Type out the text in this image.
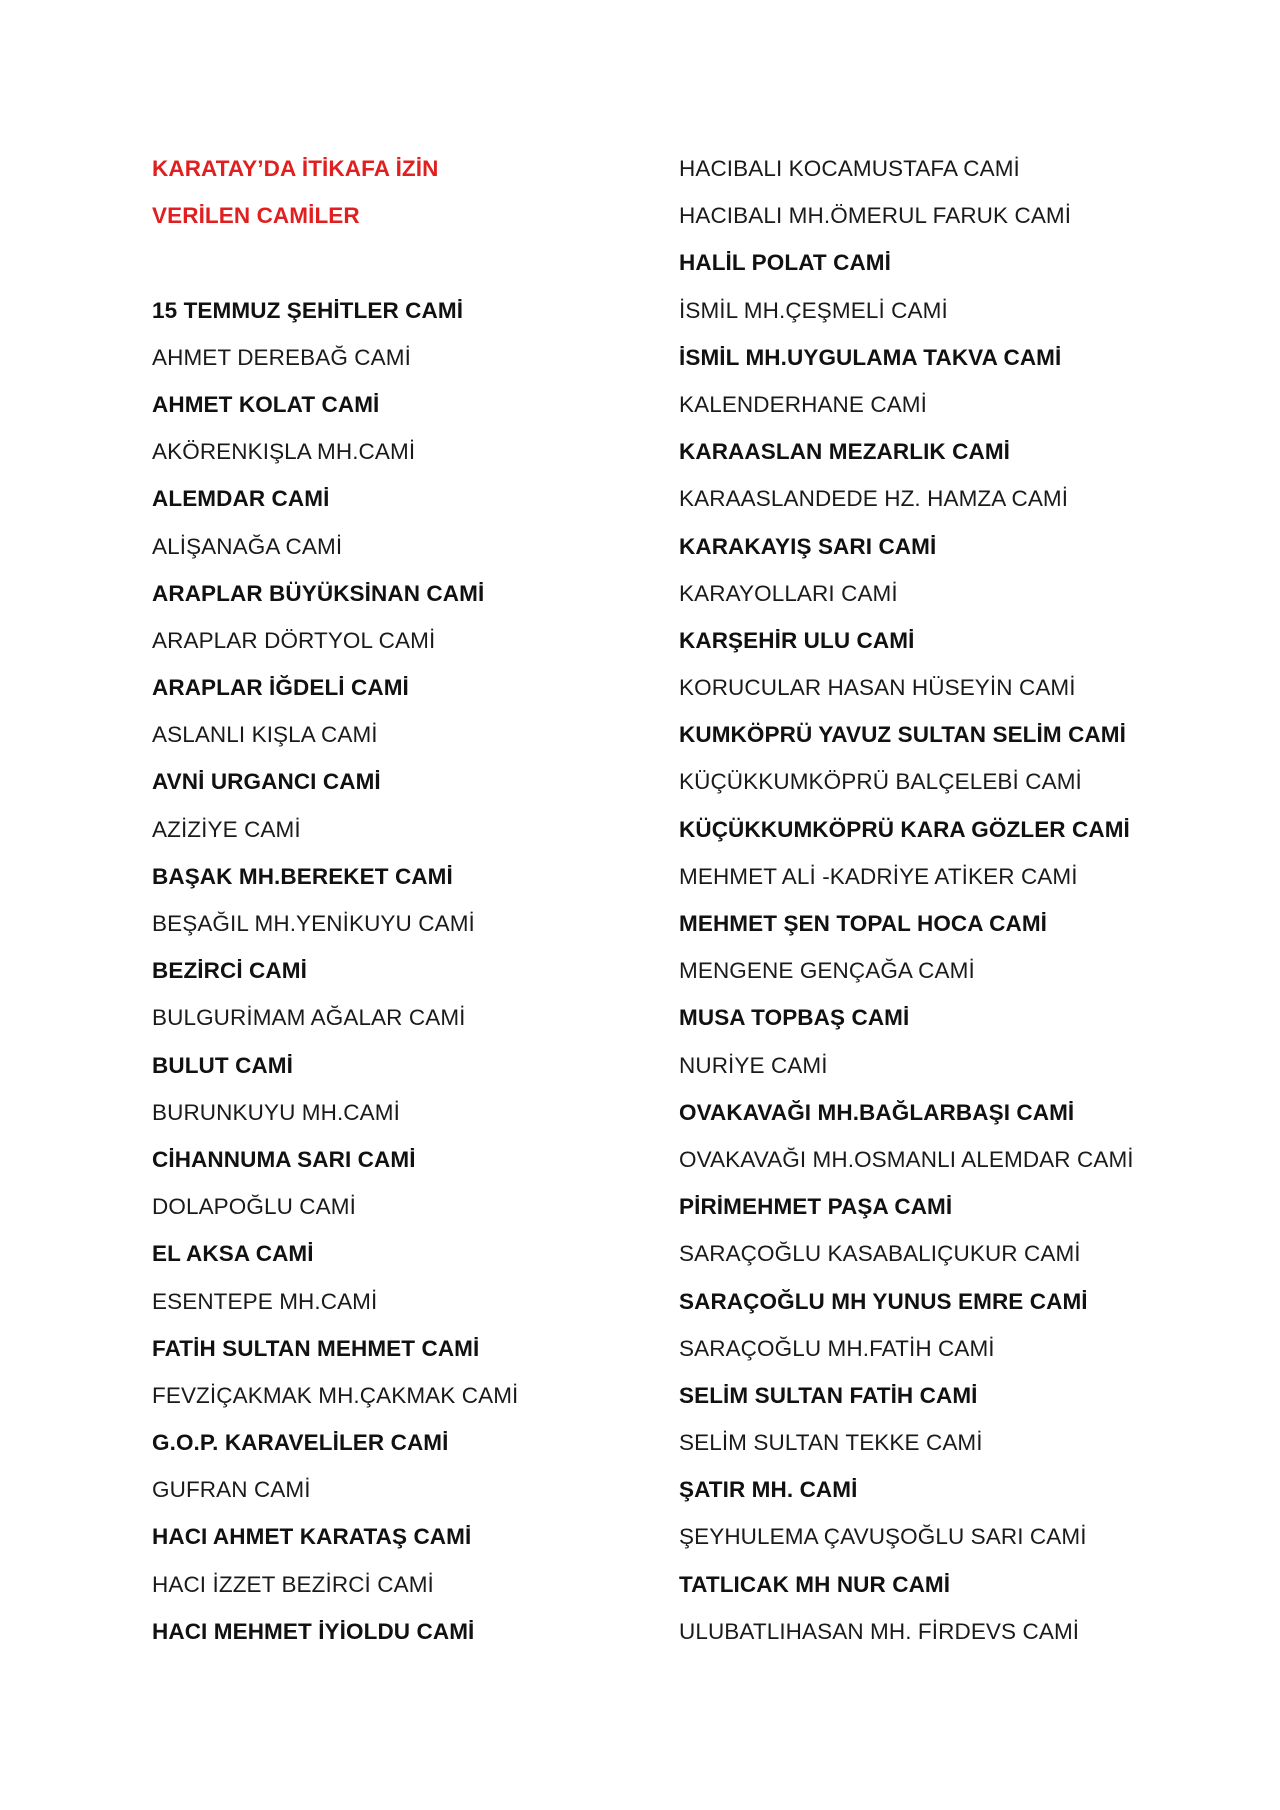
KARATAY’DA İTİKAFA İZİN
VERİLEN CAMİLER
15 TEMMUZ ŞEHİTLER CAMİ
AHMET DEREBAĞ CAMİ
AHMET KOLAT CAMİ
AKÖRENKIŞLA MH.CAMİ
ALEMDAR CAMİ
ALİŞANAĞA CAMİ
ARAPLAR BÜYÜKSİNAN CAMİ
ARAPLAR DÖRTYOL CAMİ
ARAPLAR İĞDELİ CAMİ
ASLANLI KIŞLA CAMİ
AVNİ URGANCI CAMİ
AZİZİYE CAMİ
BAŞAK MH.BEREKET CAMİ
BEŞAĞIL MH.YENİKUYU CAMİ
BEZİRCİ CAMİ
BULGURİMAM AĞALAR CAMİ
BULUT CAMİ
BURUNKUYU MH.CAMİ
CİHANNUMA SARI CAMİ
DOLAPOĞLU CAMİ
EL AKSA CAMİ
ESENTEPE MH.CAMİ
FATİH SULTAN MEHMET CAMİ
FEVZİÇAKMAK MH.ÇAKMAK CAMİ
G.O.P. KARAVELİLER CAMİ
GUFRAN CAMİ
HACI AHMET KARATAŞ CAMİ
HACI İZZET BEZİRCİ CAMİ
HACI MEHMET İYİOLDU CAMİ
HACIBALI KOCAMUSTAFA CAMİ
HACIBALI MH.ÖMERUL FARUK CAMİ
HALİL POLAT CAMİ
İSMİL MH.ÇEŞMELİ CAMİ
İSMİL MH.UYGULAMA TAKVA CAMİ
KALENDERHANE CAMİ
KARAASLAN MEZARLIK CAMİ
KARAASLANDEDE HZ. HAMZA CAMİ
KARAKAYIŞ SARI CAMİ
KARAYOLLARI CAMİ
KARŞEHİR ULU CAMİ
KORUCULAR HASAN HÜSEYİN CAMİ
KUMKÖPRÜ YAVUZ SULTAN SELİM CAMİ
KÜÇÜKKUMKÖPRÜ BALÇELEBİ CAMİ
KÜÇÜKKUMKÖPRÜ KARA GÖZLER CAMİ
MEHMET ALİ -KADRİYE ATİKER CAMİ
MEHMET ŞEN TOPAL HOCA CAMİ
MENGENE GENÇAĞA CAMİ
MUSA TOPBAŞ CAMİ
NURİYE CAMİ
OVAKAVAĞI MH.BAĞLARBAŞI CAMİ
OVAKAVAĞI MH.OSMANLI ALEMDAR CAMİ
PİRİMEHMET PAŞA CAMİ
SARAÇOĞLU KASABALIÇUKUR CAMİ
SARAÇOĞLU MH YUNUS EMRE CAMİ
SARAÇOĞLU MH.FATİH CAMİ
SELİM SULTAN FATİH CAMİ
SELİM SULTAN TEKKE CAMİ
ŞATIR MH. CAMİ
ŞEYHULEMA ÇAVUŞOĞLU SARI CAMİ
TATLICAK MH NUR CAMİ
ULUBATLIHASAN MH. FİRDEVS CAMİ
